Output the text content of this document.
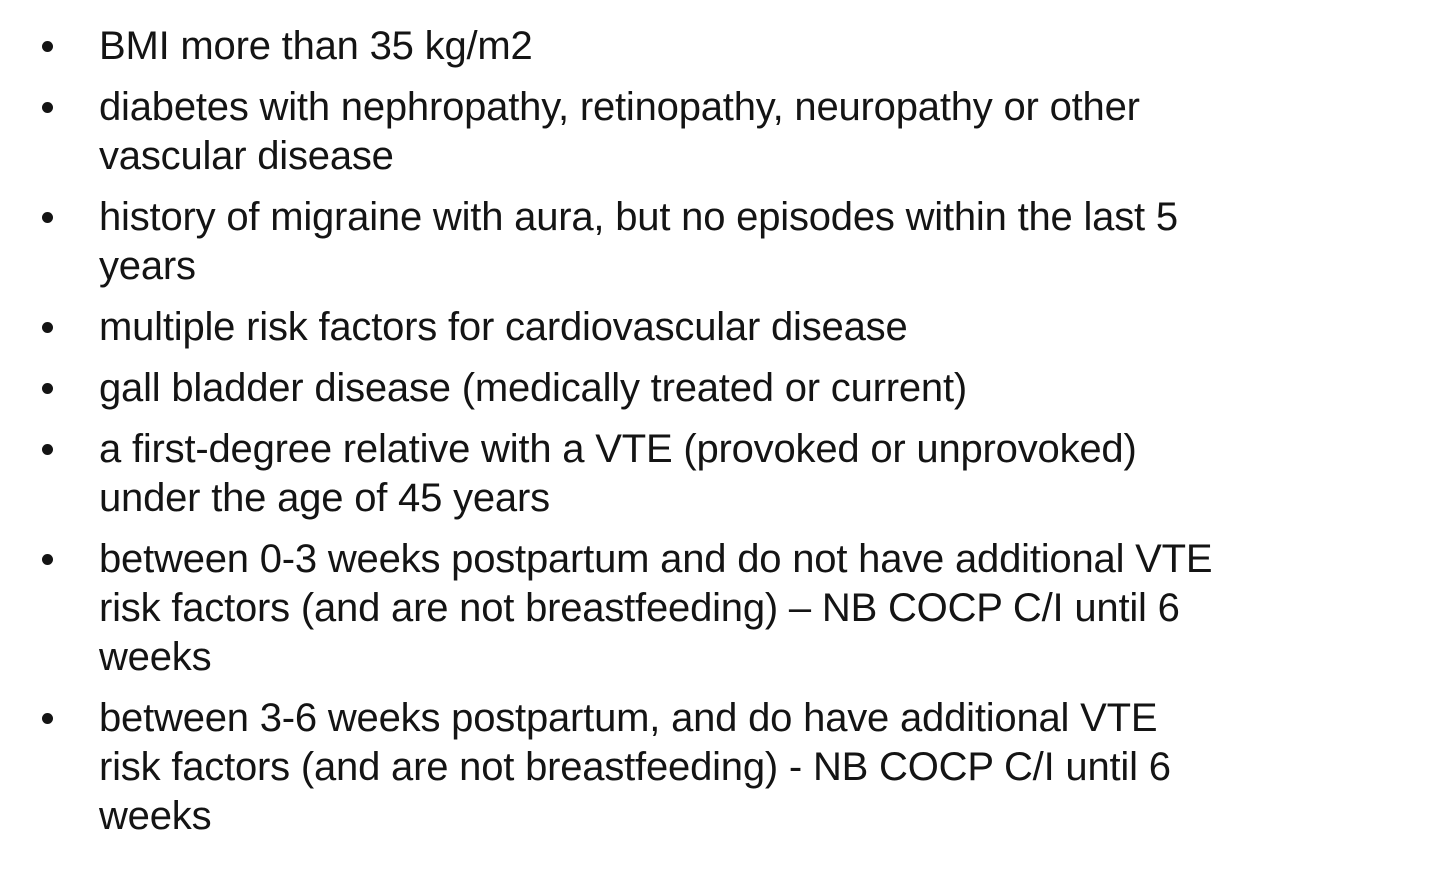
BMI more than 35 kg/m2
diabetes with nephropathy, retinopathy, neuropathy or other
vascular disease
history of migraine with aura, but no episodes within the last 5
years
multiple risk factors for cardiovascular disease
gall bladder disease (medically treated or current)
a first-degree relative with a VTE (provoked or unprovoked)
under the age of 45 years
between 0-3 weeks postpartum and do not have additional VTE
risk factors (and are not breastfeeding) – NB COCP C/I until 6
weeks
between 3-6 weeks postpartum, and do have additional VTE
risk factors (and are not breastfeeding) - NB COCP C/I until 6
weeks
